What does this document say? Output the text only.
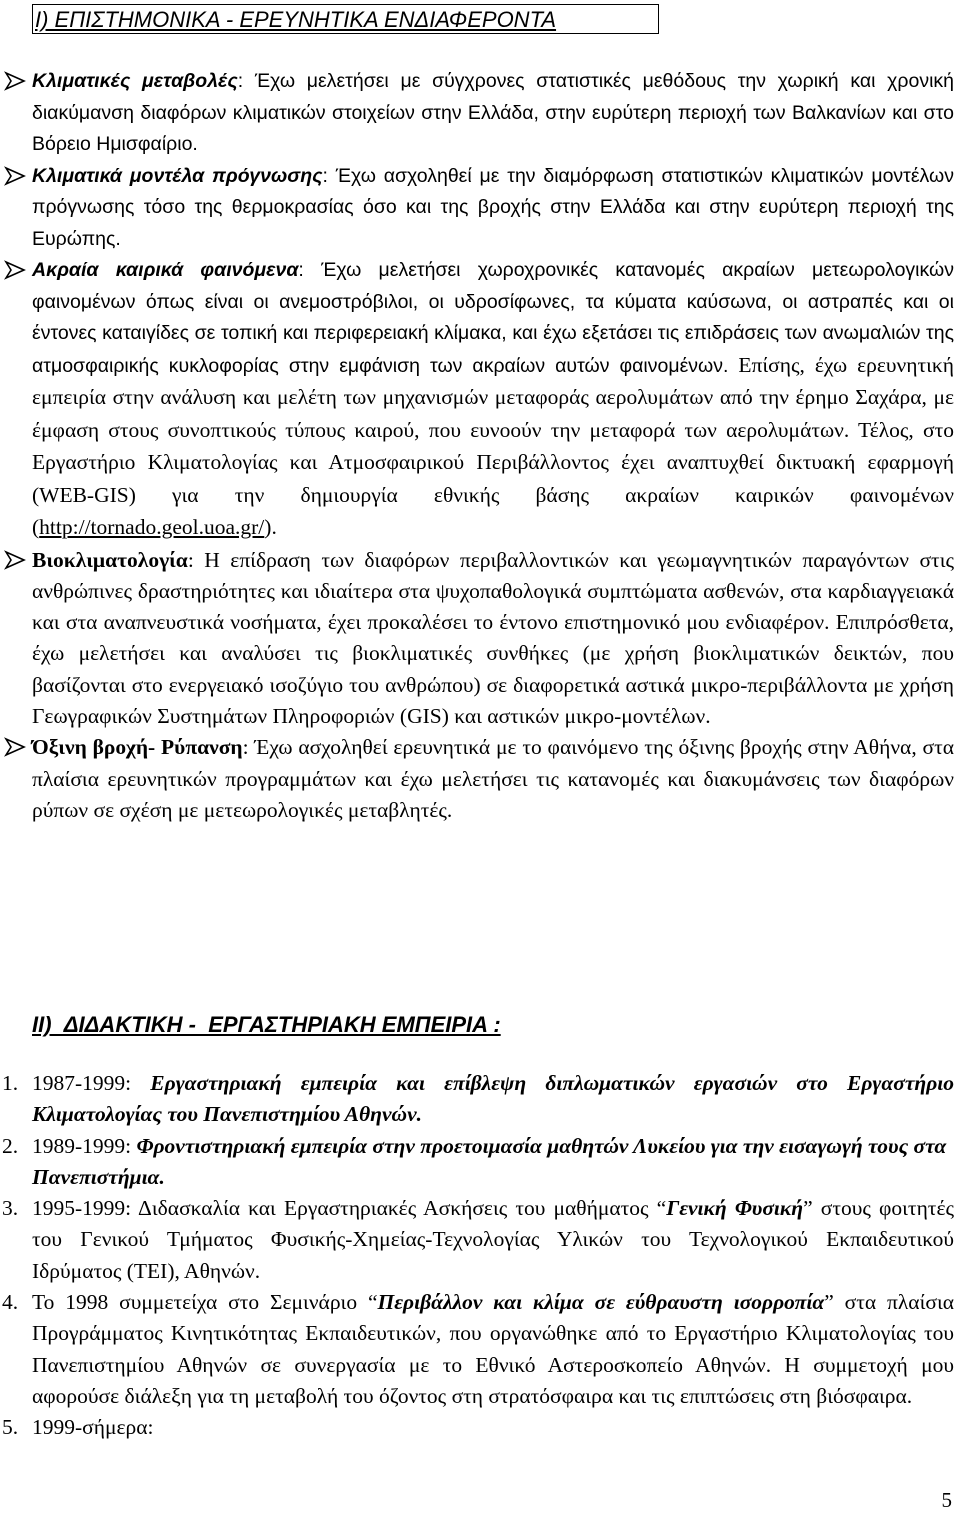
I) ΕΠΙΣΤΗΜΟΝΙΚΑ - ΕΡΕΥΝΗΤΙΚΑ ΕΝΔΙΑΦΕΡΟΝΤΑ

Κλιματικές μεταβολές: Έχω μελετήσει με σύγχρονες στατιστικές μεθόδους την χωρική και χρονική διακύμανση διαφόρων κλιματικών στοιχείων στην Ελλάδα, στην ευρύτερη περιοχή των Βαλκανίων και στο Βόρειο Ημισφαίριο.

Κλιματικά μοντέλα πρόγνωσης: Έχω ασχοληθεί με την διαμόρφωση στατιστικών κλιματικών μοντέλων πρόγνωσης τόσο της θερμοκρασίας όσο και της βροχής στην Ελλάδα και στην ευρύτερη περιοχή της Ευρώπης.

Ακραία καιρικά φαινόμενα: Έχω μελετήσει χωροχρονικές κατανομές ακραίων μετεωρολογικών φαινομένων όπως είναι οι ανεμοστρόβιλοι, οι υδροσίφωνες, τα κύματα καύσωνα, οι αστραπές και οι έντονες καταιγίδες σε τοπική και περιφερειακή κλίμακα, και έχω εξετάσει τις επιδράσεις των ανωμαλιών της ατμοσφαιρικής κυκλοφορίας στην εμφάνιση των ακραίων αυτών φαινομένων. Επίσης, έχω ερευνητική εμπειρία στην ανάλυση και μελέτη των μηχανισμών μεταφοράς αερολυμάτων από την έρημο Σαχάρα, με έμφαση στους συνοπτικούς τύπους καιρού, που ευνοούν την μεταφορά των αερολυμάτων. Τέλος, στο Εργαστήριο Κλιματολογίας και Ατμοσφαιρικού Περιβάλλοντος έχει αναπτυχθεί δικτυακή εφαρμογή (WEB-GIS) για την δημιουργία εθνικής βάσης ακραίων καιρικών φαινομένων (http://tornado.geol.uoa.gr/).

Βιοκλιματολογία: Η επίδραση των διαφόρων περιβαλλοντικών και γεωμαγνητικών παραγόντων στις ανθρώπινες δραστηριότητες και ιδιαίτερα στα ψυχοπαθολογικά συμπτώματα ασθενών, στα καρδιαγγειακά και στα αναπνευστικά νοσήματα, έχει προκαλέσει το έντονο επιστημονικό μου ενδιαφέρον. Επιπρόσθετα, έχω μελετήσει και αναλύσει τις βιοκλιματικές συνθήκες (με χρήση βιοκλιματικών δεικτών, που βασίζονται στο ενεργειακό ισοζύγιο του ανθρώπου) σε διαφορετικά αστικά μικρο-περιβάλλοντα με χρήση Γεωγραφικών Συστημάτων Πληροφοριών (GIS) και αστικών μικρο-μοντέλων.

Όξινη βροχή- Ρύπανση: Έχω ασχοληθεί ερευνητικά με το φαινόμενο της όξινης βροχής στην Αθήνα, στα πλαίσια ερευνητικών προγραμμάτων και έχω μελετήσει τις κατανομές και διακυμάνσεις των διαφόρων ρύπων σε σχέση με μετεωρολογικές μεταβλητές.

II)  ΔΙΔΑΚΤΙΚΗ -  ΕΡΓΑΣΤΗΡΙΑΚΗ ΕΜΠΕΙΡΙΑ :
1. 1987-1999: Εργαστηριακή εμπειρία και επίβλεψη διπλωματικών εργασιών στο Εργαστήριο Κλιματολογίας του Πανεπιστημίου Αθηνών.

2. 1989-1999: Φροντιστηριακή εμπειρία στην προετοιμασία μαθητών Λυκείου για την εισαγωγή τους στα Πανεπιστήμια.

3. 1995-1999: Διδασκαλία και Εργαστηριακές Ασκήσεις του μαθήματος “Γενική Φυσική” στους φοιτητές του Γενικού Τμήματος Φυσικής-Χημείας-Τεχνολογίας Υλικών του Τεχνολογικού Εκπαιδευτικού Ιδρύματος (ΤΕΙ), Αθηνών.

4. Το 1998 συμμετείχα στο Σεμινάριο “Περιβάλλον και κλίμα σε εύθραυστη ισορροπία” στα πλαίσια Προγράμματος Κινητικότητας Εκπαιδευτικών, που οργανώθηκε από το Εργαστήριο Κλιματολογίας του Πανεπιστημίου Αθηνών σε συνεργασία με το Εθνικό Αστεροσκοπείο Αθηνών. Η συμμετοχή μου αφορούσε διάλεξη για τη μεταβολή του όζοντος στη στρατόσφαιρα και τις επιπτώσεις στη βιόσφαιρα.

5. 1999-σήμερα:

5
